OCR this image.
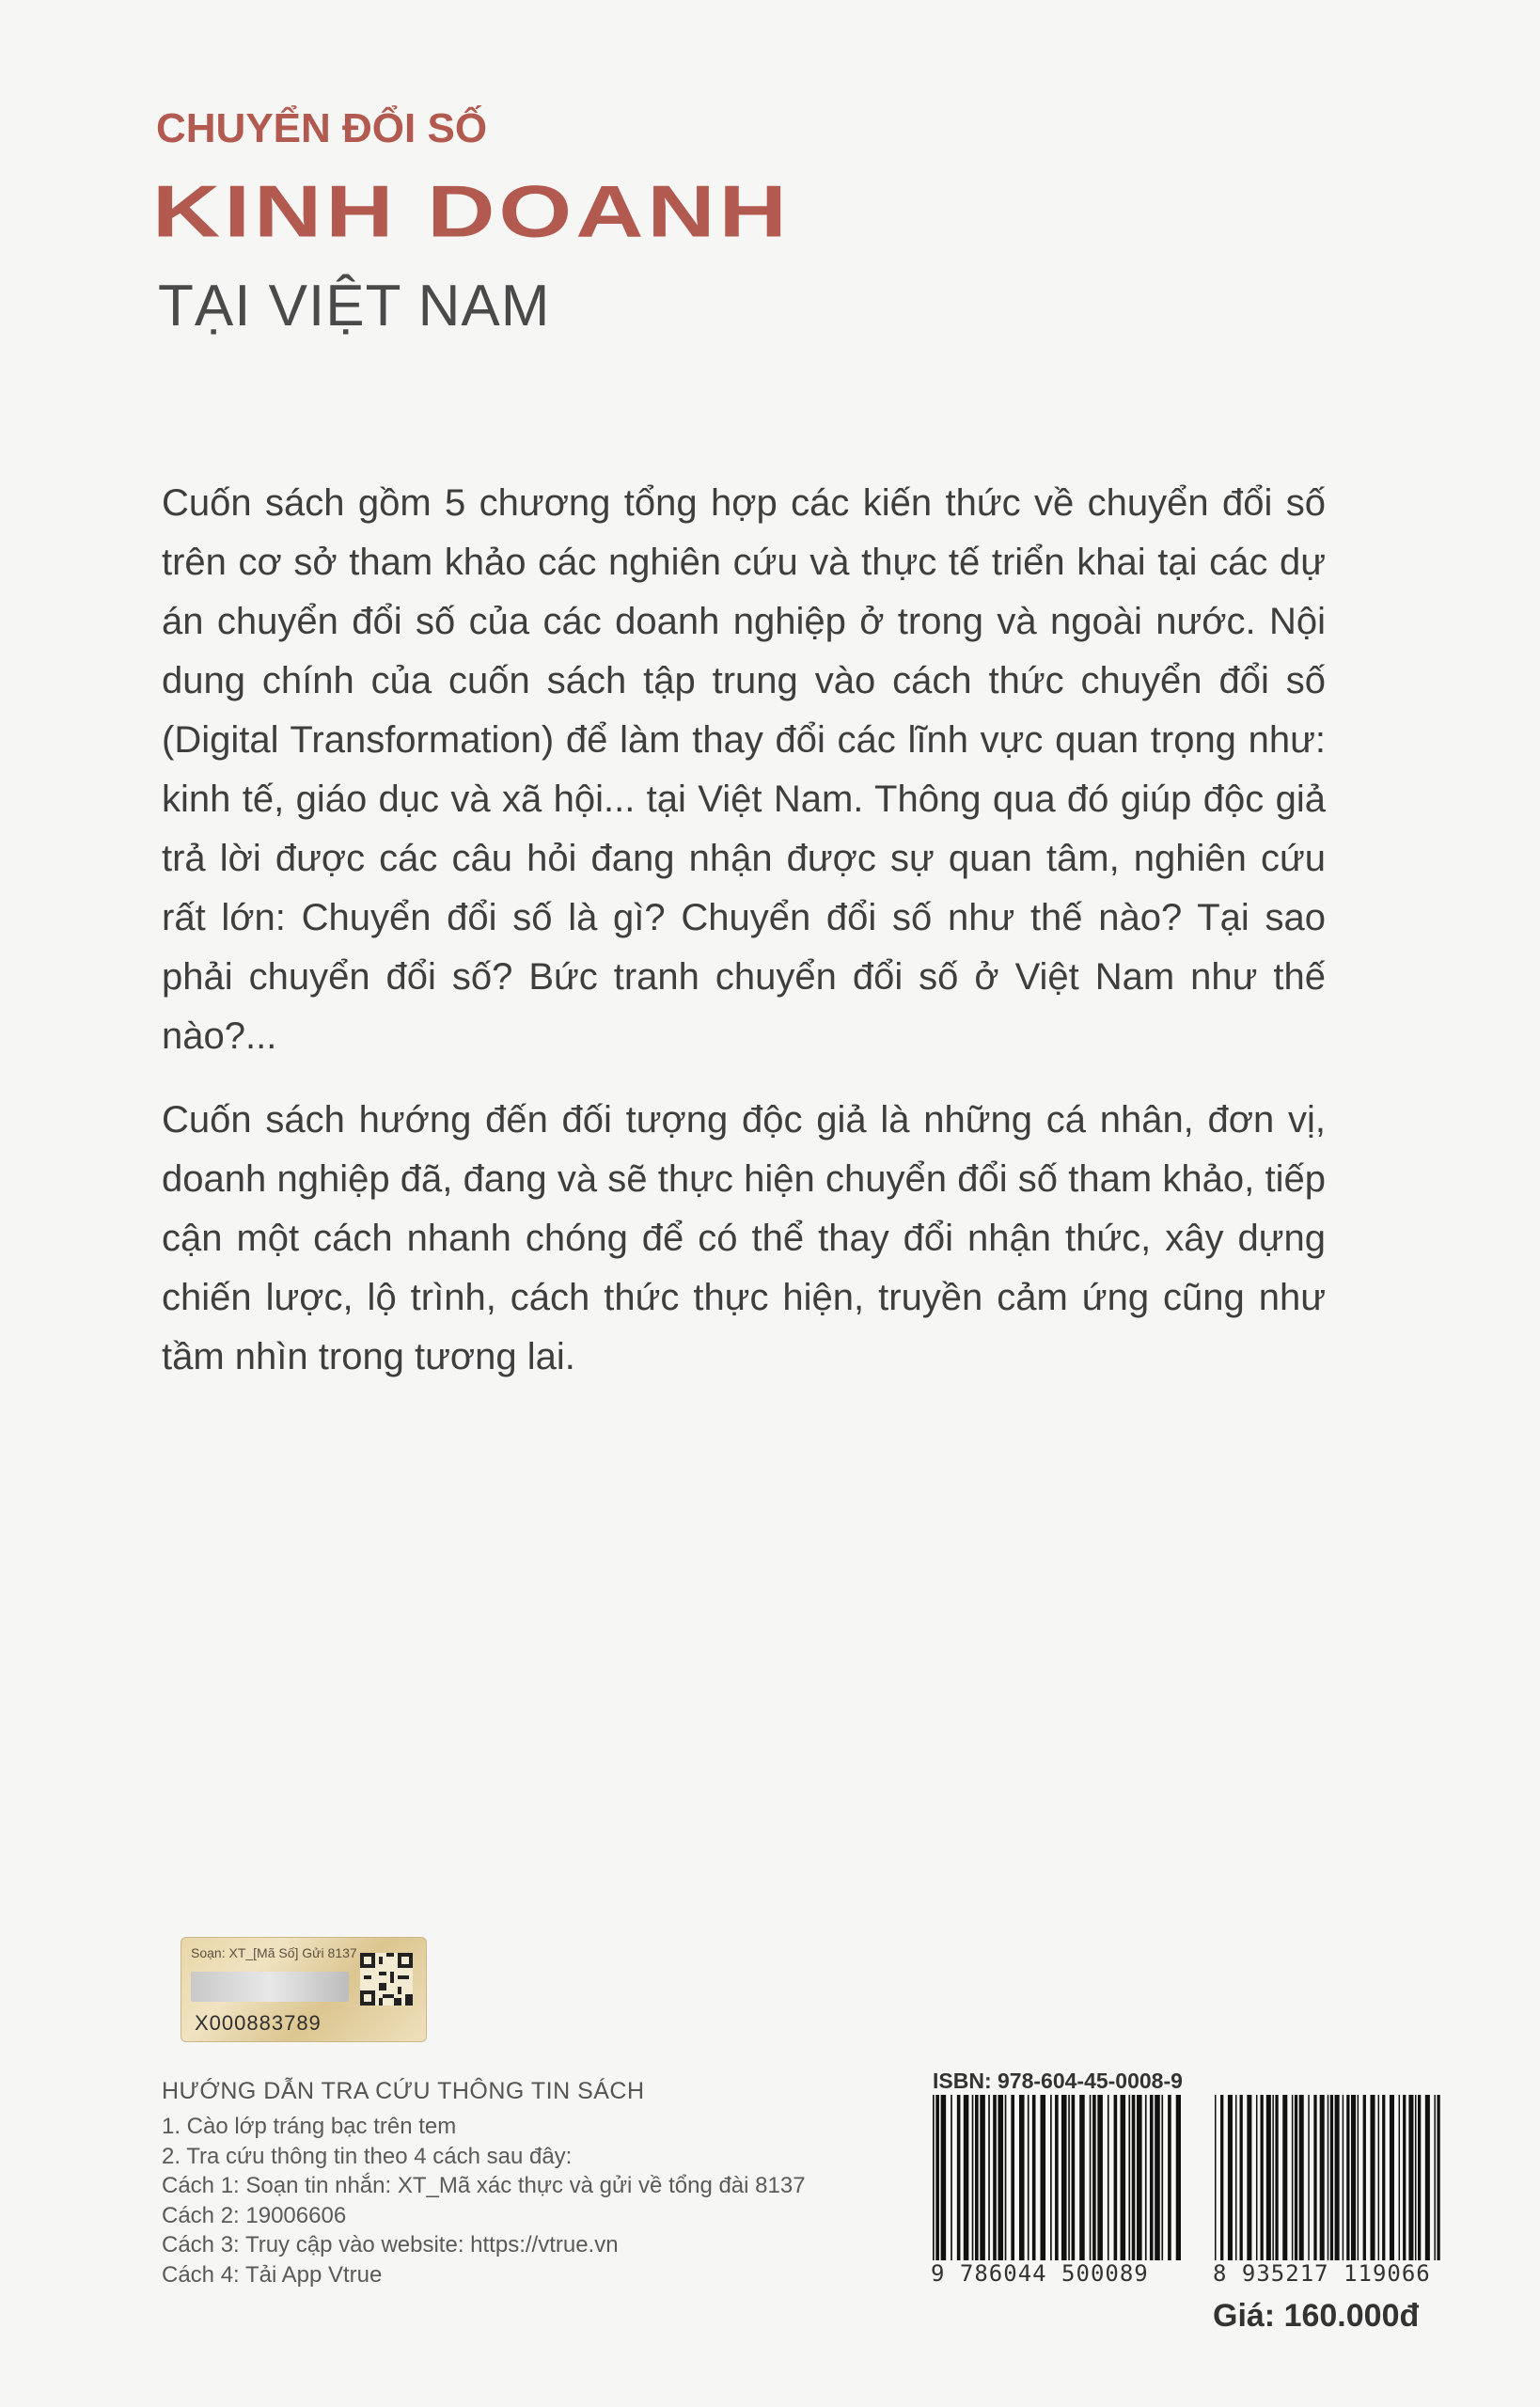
CHUYỂN ĐỔI SỐ
KINH DOANH
TẠI VIỆT NAM
Cuốn sách gồm 5 chương tổng hợp các kiến thức về chuyển đổi số trên cơ sở tham khảo các nghiên cứu và thực tế triển khai tại các dự án chuyển đổi số của các doanh nghiệp ở trong và ngoài nước. Nội dung chính của cuốn sách tập trung vào cách thức chuyển đổi số (Digital Transformation) để làm thay đổi các lĩnh vực quan trọng như: kinh tế, giáo dục và xã hội... tại Việt Nam. Thông qua đó giúp độc giả trả lời được các câu hỏi đang nhận được sự quan tâm, nghiên cứu rất lớn: Chuyển đổi số là gì? Chuyển đổi số như thế nào? Tại sao phải chuyển đổi số? Bức tranh chuyển đổi số ở Việt Nam như thế nào?...
Cuốn sách hướng đến đối tượng độc giả là những cá nhân, đơn vị, doanh nghiệp đã, đang và sẽ thực hiện chuyển đổi số tham khảo, tiếp cận một cách nhanh chóng để có thể thay đổi nhận thức, xây dựng chiến lược, lộ trình, cách thức thực hiện, truyền cảm ứng cũng như tầm nhìn trong tương lai.
Soạn: XT_[Mã Số] Gửi 8137
X000883789
HƯỚNG DẪN TRA CỨU THÔNG TIN SÁCH
1. Cào lớp tráng bạc trên tem
2. Tra cứu thông tin theo 4 cách sau đây:
Cách 1: Soạn tin nhắn: XT_Mã xác thực và gửi về tổng đài 8137
Cách 2: 19006606
Cách 3: Truy cập vào website: https://vtrue.vn
Cách 4: Tải App Vtrue
ISBN: 978-604-45-0008-9
9 786044 500089	8 935217 119066
Giá: 160.000đ
